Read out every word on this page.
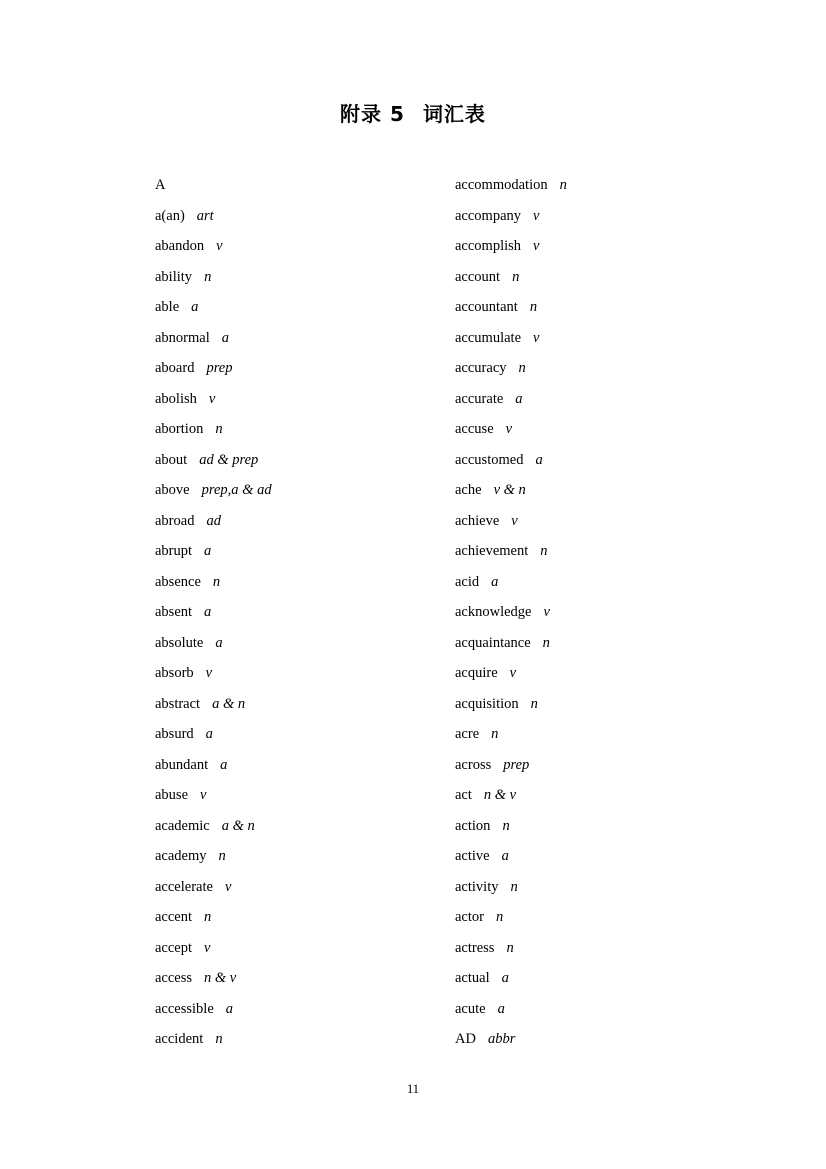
附录 5 词汇表
A
a(an) art
abandon v
ability n
able a
abnormal a
aboard prep
abolish v
abortion n
about ad & prep
above prep,a & ad
abroad ad
abrupt a
absence n
absent a
absolute a
absorb v
abstract a & n
absurd a
abundant a
abuse v
academic a & n
academy n
accelerate v
accent n
accept v
access n & v
accessible a
accident n
accommodation n
accompany v
accomplish v
account n
accountant n
accumulate v
accuracy n
accurate a
accuse v
accustomed a
ache v & n
achieve v
achievement n
acid a
acknowledge v
acquaintance n
acquire v
acquisition n
acre n
across prep
act n & v
action n
active a
activity n
actor n
actress n
actual a
acute a
AD abbr
11
